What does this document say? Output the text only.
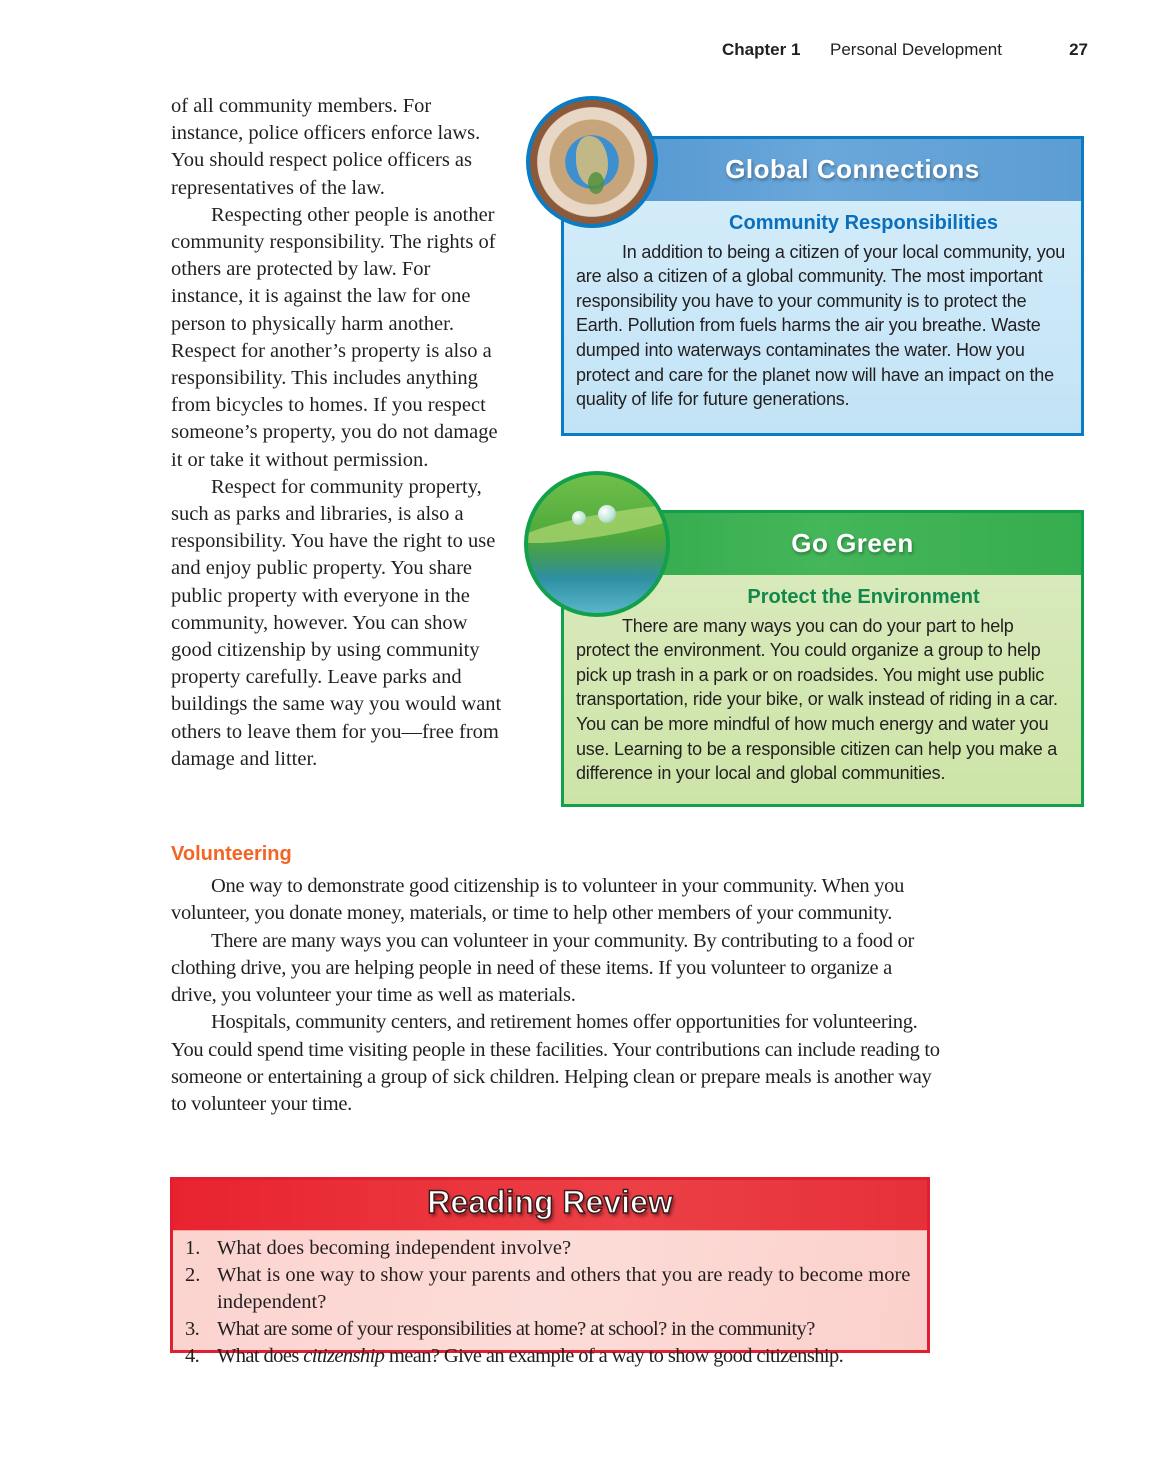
Chapter 1 Personal Development	27

of all community members. For instance, police officers enforce laws. You should respect police officers as representatives of the law.

Respecting other people is another community responsibility. The rights of others are protected by law. For instance, it is against the law for one person to physically harm another. Respect for another’s property is also a responsibility. This includes anything from bicycles to homes. If you respect someone’s property, you do not damage it or take it without permission.

Respect for community property, such as parks and libraries, is also a responsibility. You have the right to use and enjoy public property. You share public property with everyone in the community, however. You can show good citizenship by using community property carefully. Leave parks and buildings the same way you would want others to leave them for you—free from damage and litter.

Global Connections
Community Responsibilities

In addition to being a citizen of your local community, you are also a citizen of a global community. The most important responsibility you have to your community is to protect the Earth. Pollution from fuels harms the air you breathe. Waste dumped into waterways contaminates the water. How you protect and care for the planet now will have an impact on the quality of life for future generations.

Go Green
Protect the Environment

There are many ways you can do your part to help protect the environment. You could organize a group to help pick up trash in a park or on roadsides. You might use public transportation, ride your bike, or walk instead of riding in a car. You can be more mindful of how much energy and water you use. Learning to be a responsible citizen can help you make a difference in your local and global communities.

Volunteering

One way to demonstrate good citizenship is to volunteer in your community. When you volunteer, you donate money, materials, or time to help other members of your community.

There are many ways you can volunteer in your community. By contributing to a food or clothing drive, you are helping people in need of these items. If you volunteer to organize a drive, you volunteer your time as well as materials.

Hospitals, community centers, and retirement homes offer opportunities for volunteering. You could spend time visiting people in these facilities. Your contributions can include reading to someone or entertaining a group of sick children. Helping clean or prepare meals is another way to volunteer your time.

Reading Review
1. What does becoming independent involve?
2. What is one way to show your parents and others that you are ready to become more independent?
3. What are some of your responsibilities at home? at school? in the community?
4. What does citizenship mean? Give an example of a way to show good citizenship.
